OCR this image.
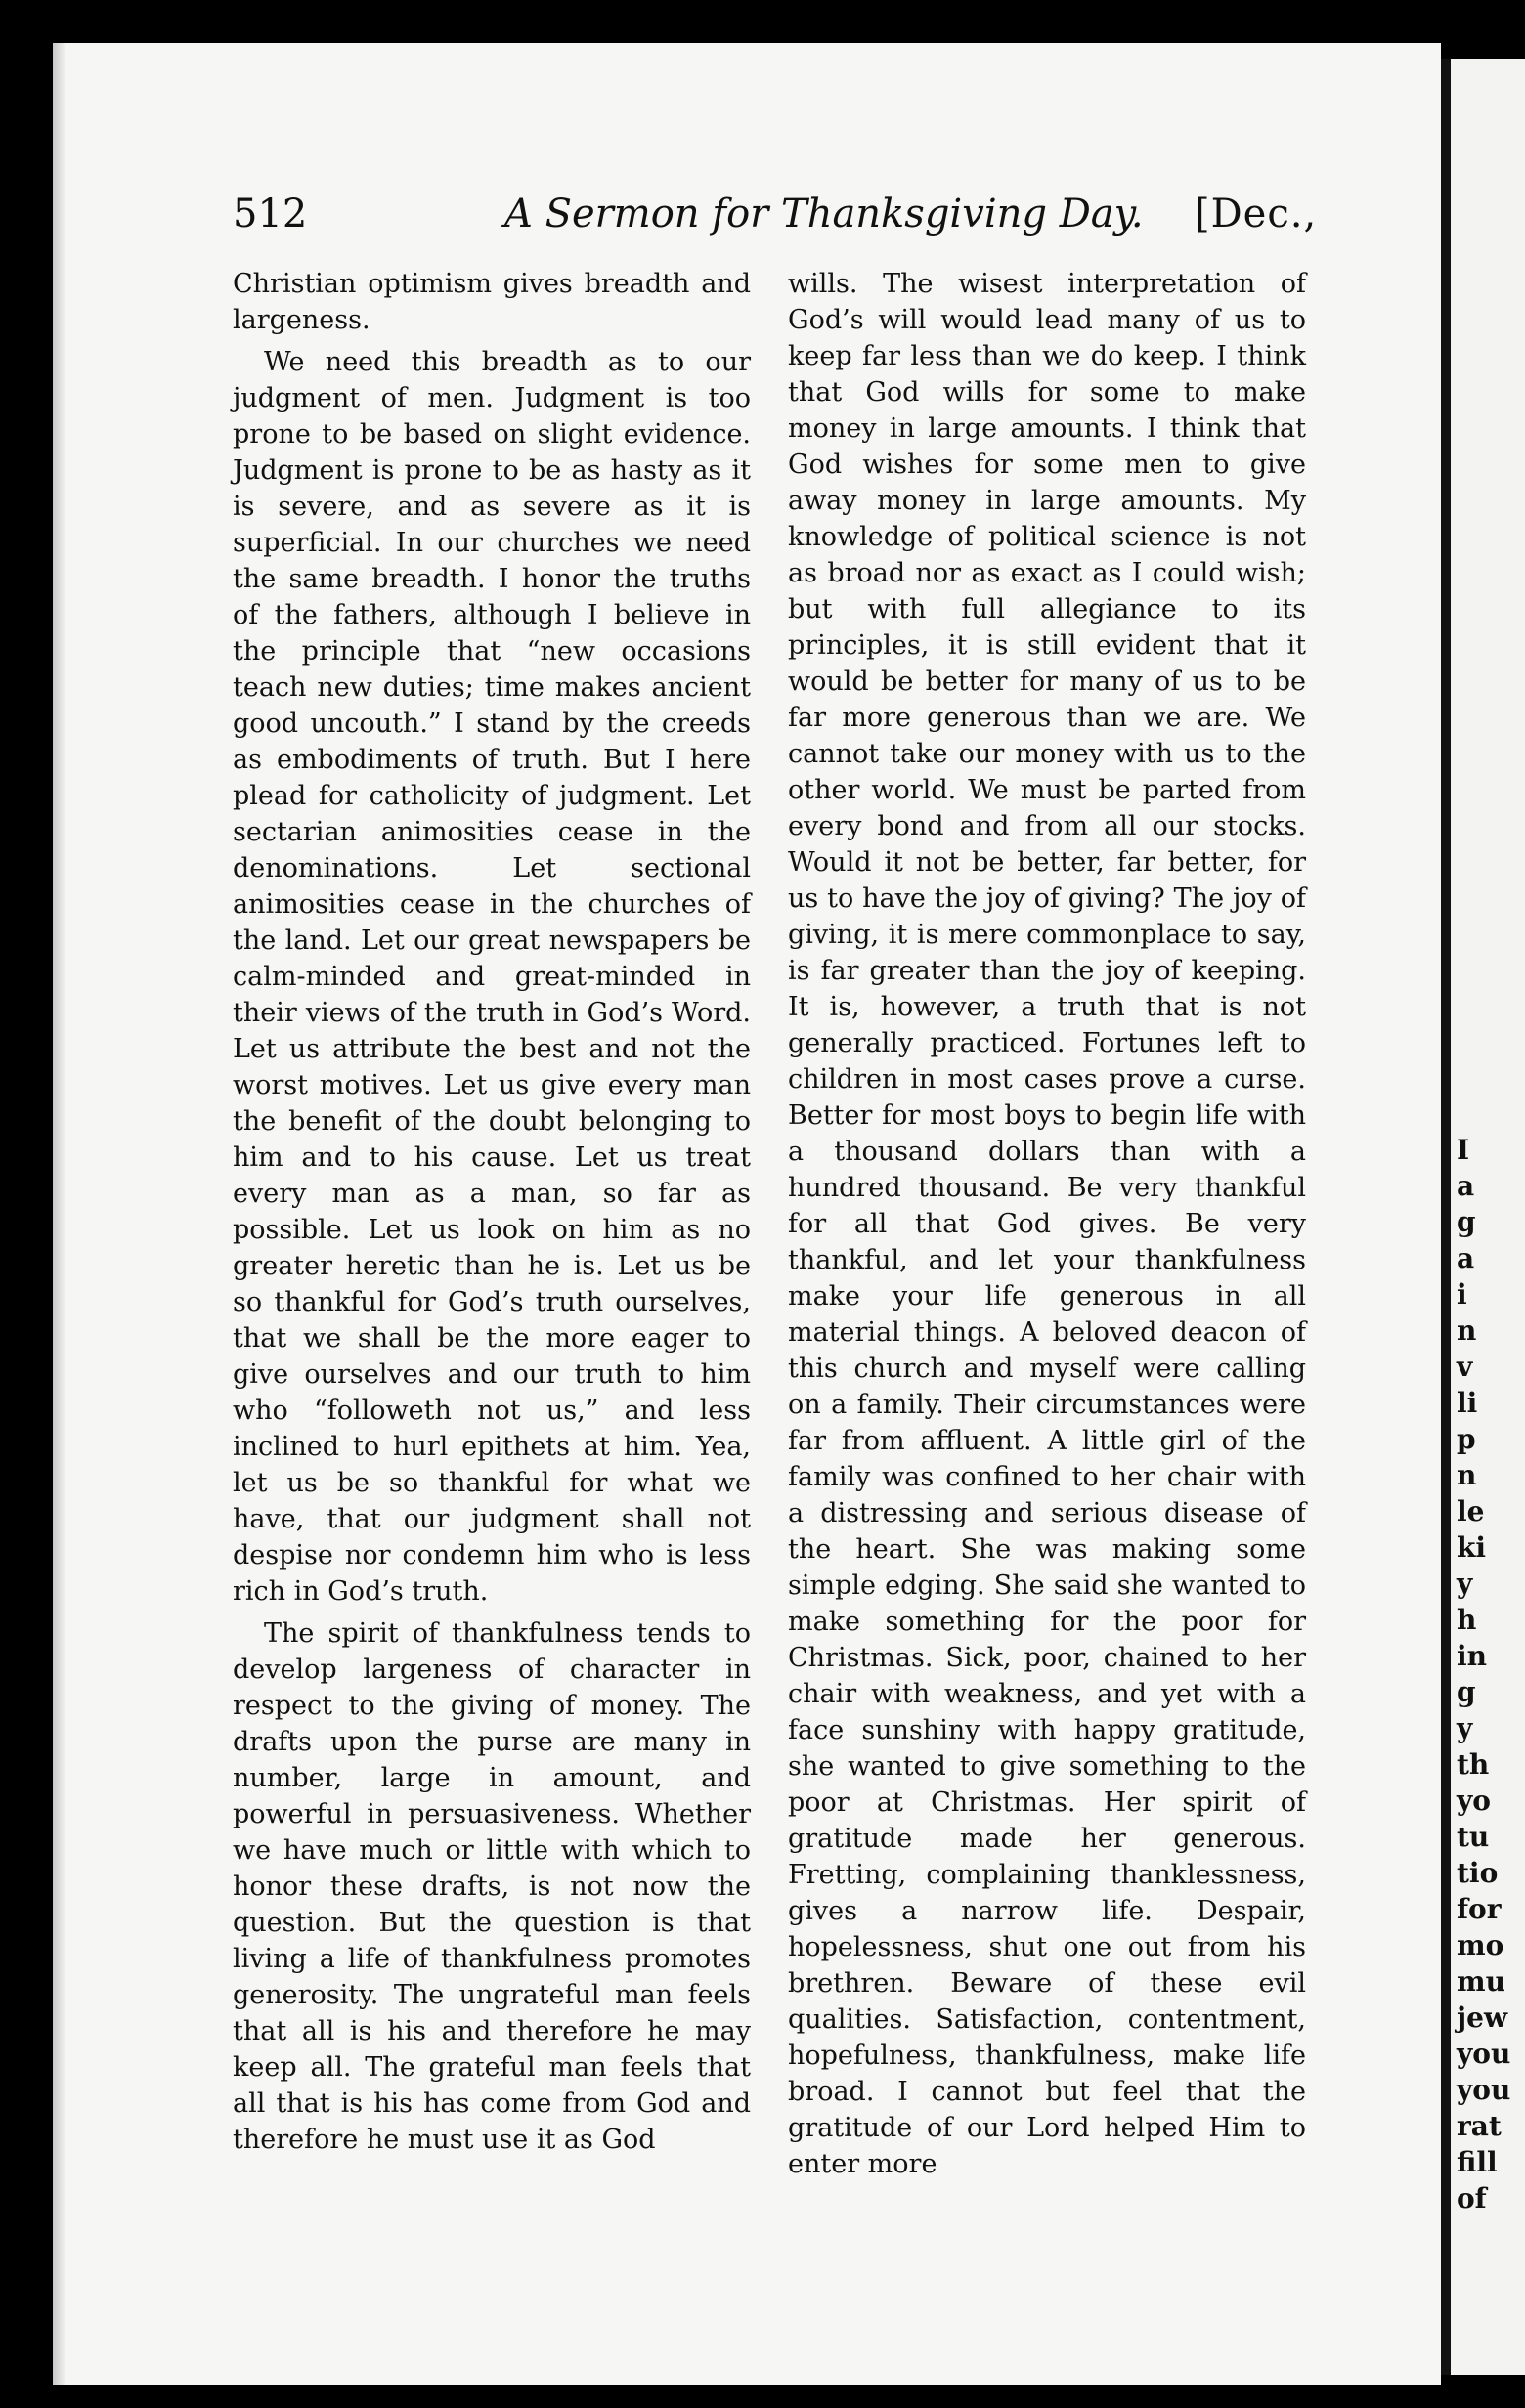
512	A Sermon for Thanksgiving Day. [Dec.,

Christian optimism gives breadth and largeness.

We need this breadth as to our judgment of men. Judgment is too prone to be based on slight evidence. Judgment is prone to be as hasty as it is severe, and as severe as it is superficial. In our churches we need the same breadth. I honor the truths of the fathers, although I believe in the principle that “new occasions teach new duties; time makes ancient good uncouth.” I stand by the creeds as embodiments of truth. But I here plead for catholicity of judgment. Let sectarian animosities cease in the denominations. Let sectional animosities cease in the churches of the land. Let our great newspapers be calm-minded and great-minded in their views of the truth in God’s Word. Let us attribute the best and not the worst motives. Let us give every man the benefit of the doubt belonging to him and to his cause. Let us treat every man as a man, so far as possible. Let us look on him as no greater heretic than he is. Let us be so thankful for God’s truth ourselves, that we shall be the more eager to give ourselves and our truth to him who “followeth not us,” and less inclined to hurl epithets at him. Yea, let us be so thankful for what we have, that our judgment shall not despise nor condemn him who is less rich in God’s truth.

The spirit of thankfulness tends to develop largeness of character in respect to the giving of money. The drafts upon the purse are many in number, large in amount, and powerful in persuasiveness. Whether we have much or little with which to honor these drafts, is not now the question. But the question is that living a life of thankfulness promotes generosity. The ungrateful man feels that all is his and therefore he may keep all. The grateful man feels that all that is his has come from God and therefore he must use it as God

wills. The wisest interpretation of God’s will would lead many of us to keep far less than we do keep. I think that God wills for some to make money in large amounts. I think that God wishes for some men to give away money in large amounts. My knowledge of political science is not as broad nor as exact as I could wish; but with full allegiance to its principles, it is still evident that it would be better for many of us to be far more generous than we are. We cannot take our money with us to the other world. We must be parted from every bond and from all our stocks. Would it not be better, far better, for us to have the joy of giving? The joy of giving, it is mere commonplace to say, is far greater than the joy of keeping. It is, however, a truth that is not generally practiced. Fortunes left to children in most cases prove a curse. Better for most boys to begin life with a thousand dollars than with a hundred thousand. Be very thankful for all that God gives. Be very thankful, and let your thankfulness make your life generous in all material things. A beloved deacon of this church and myself were calling on a family. Their circumstances were far from affluent. A little girl of the family was confined to her chair with a distressing and serious disease of the heart. She was making some simple edging. She said she wanted to make something for the poor for Christmas. Sick, poor, chained to her chair with weakness, and yet with a face sunshiny with happy gratitude, she wanted to give something to the poor at Christmas. Her spirit of gratitude made her generous. Fretting, complaining thanklessness, gives a narrow life. Despair, hopelessness, shut one out from his brethren. Beware of these evil qualities. Satisfaction, contentment, hopefulness, thankfulness, make life broad. I cannot but feel that the gratitude of our Lord helped Him to enter more

I
a
g
a
i
n
v
li
p
n
le
ki
y
h
in
g
y
th
yo
tu
tio
for
mo
mu
jew
you
you
rat
fill
of
